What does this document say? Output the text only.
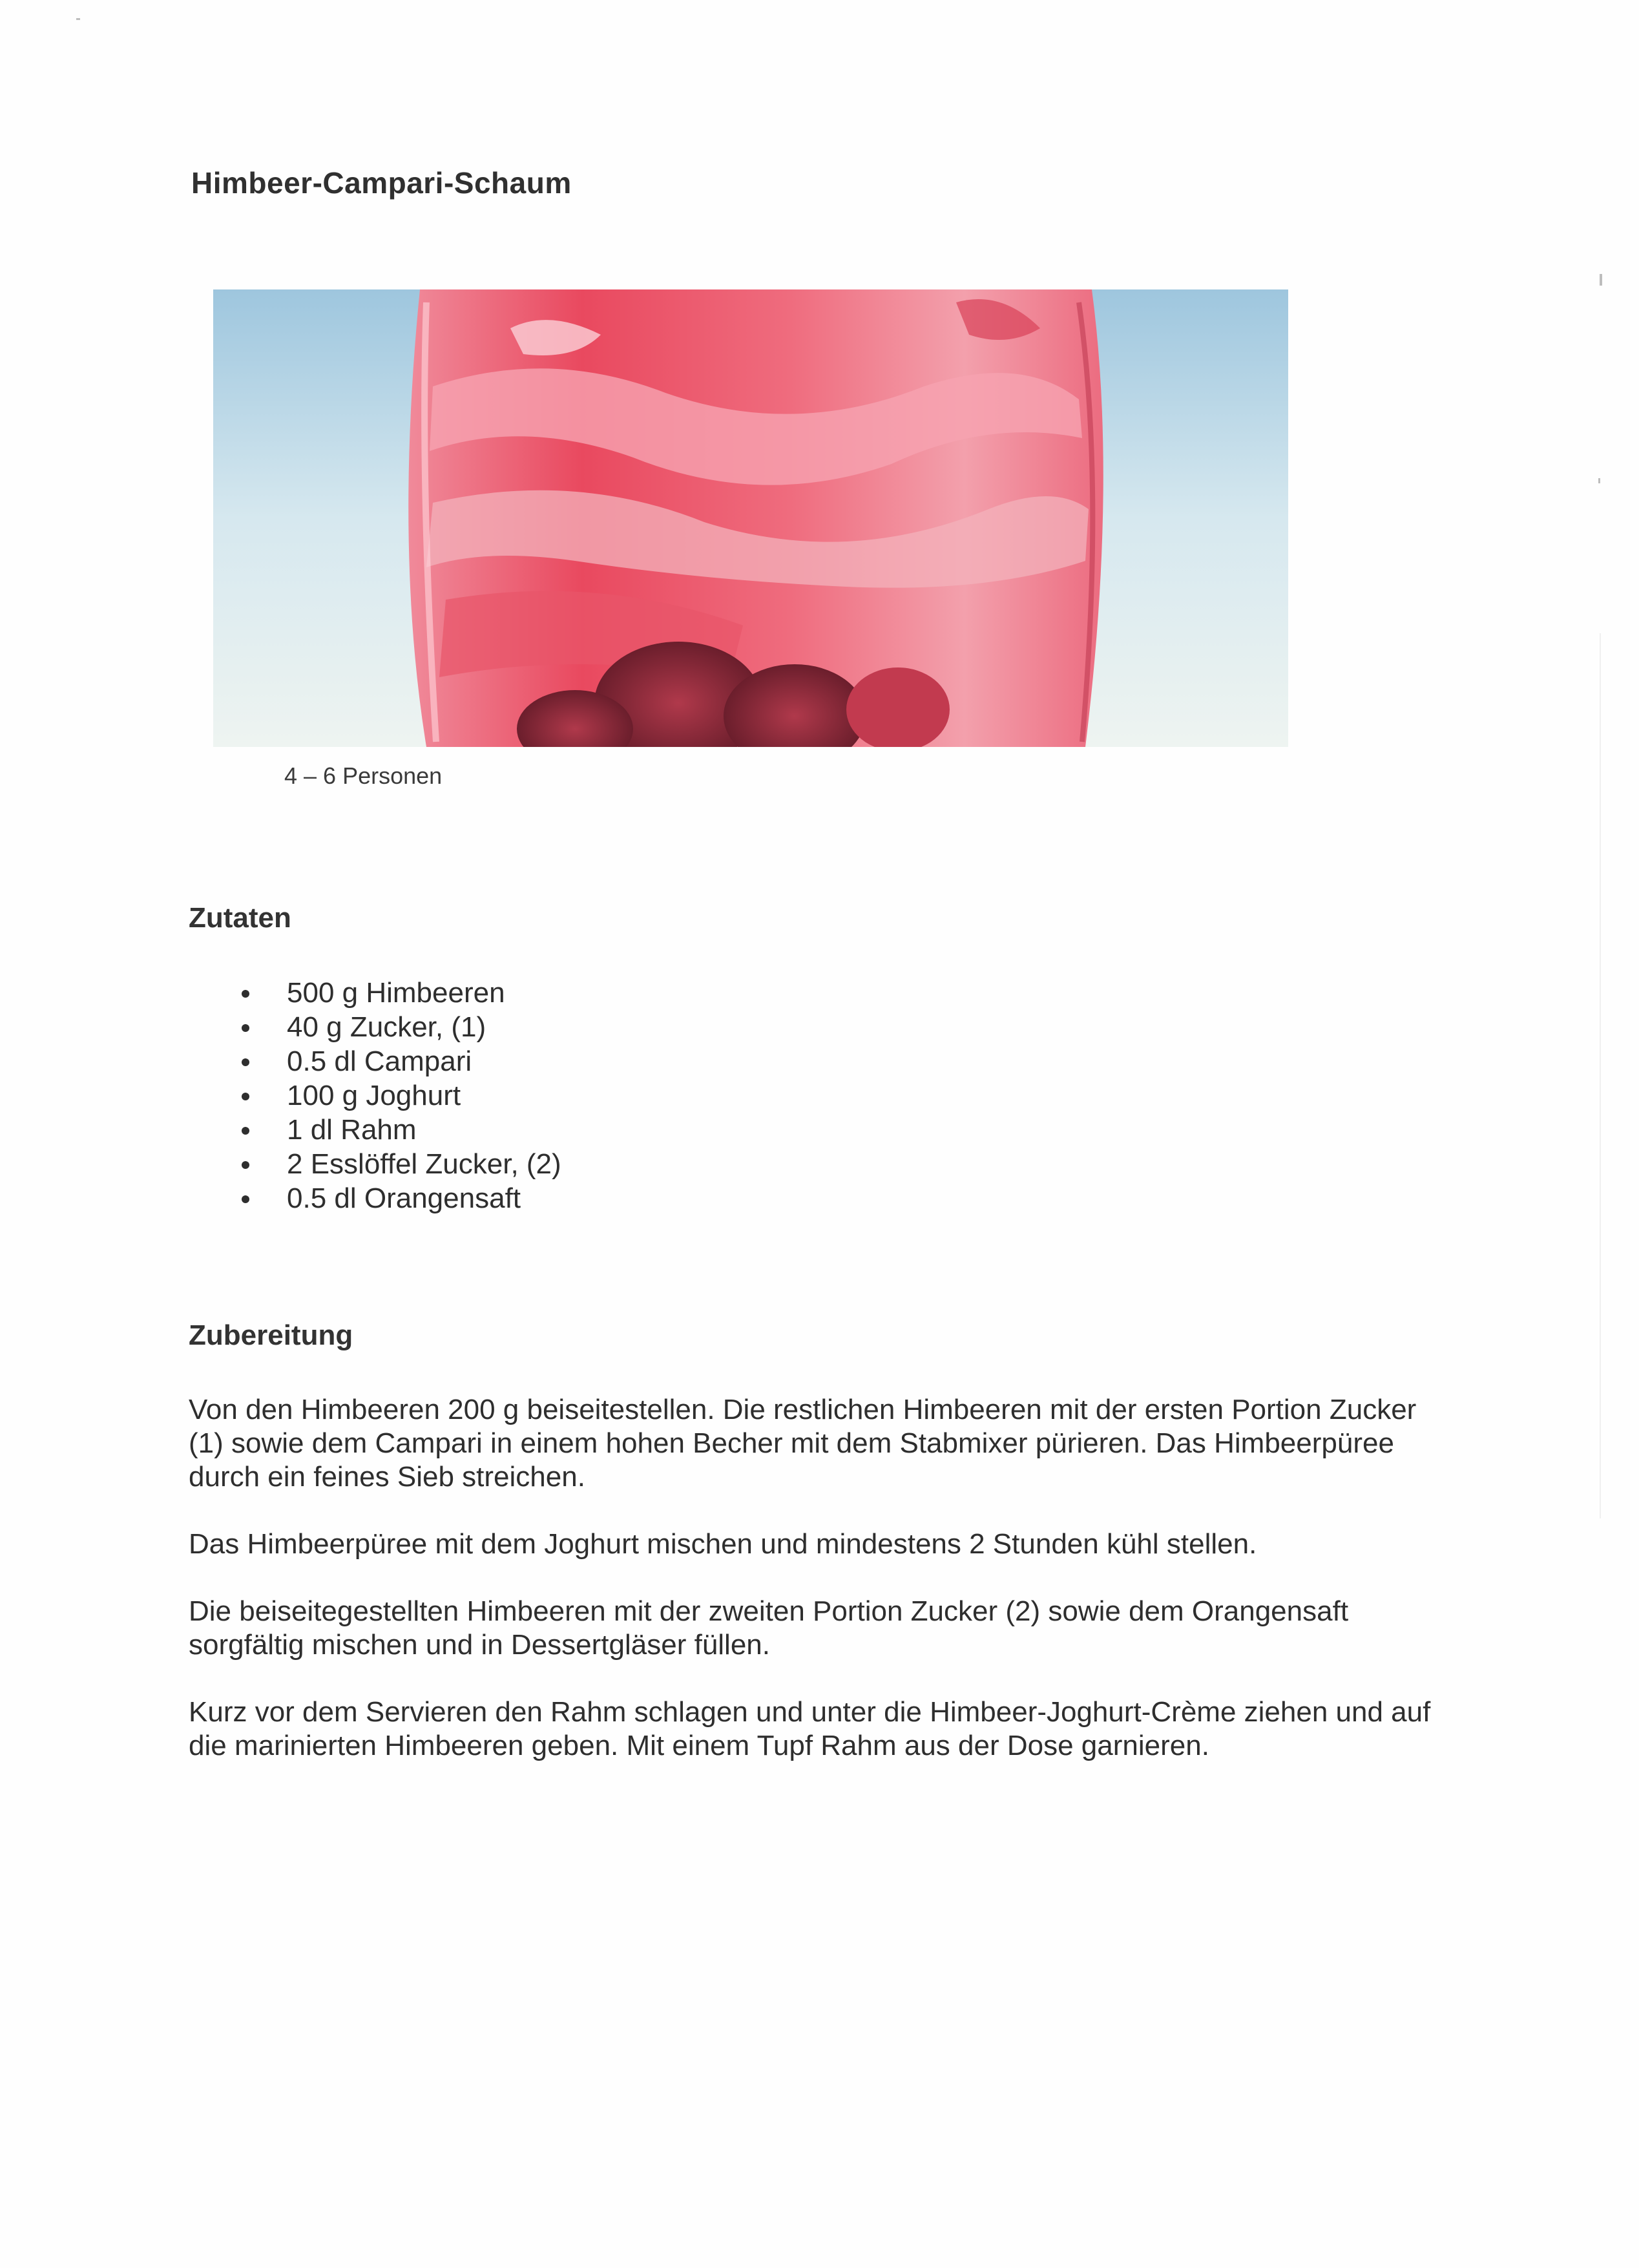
Himbeer-Campari-Schaum
4 – 6 Personen
Zutaten
500 g Himbeeren
40 g Zucker, (1)
0.5 dl Campari
100 g Joghurt
1 dl Rahm
2 Esslöffel Zucker, (2)
0.5 dl Orangensaft
Zubereitung

Von den Himbeeren 200 g beiseitestellen. Die restlichen Himbeeren mit der ersten Portion Zucker (1) sowie dem Campari in einem hohen Becher mit dem Stabmixer pürieren. Das Himbeerpüree durch ein feines Sieb streichen.

Das Himbeerpüree mit dem Joghurt mischen und mindestens 2 Stunden kühl stellen.

Die beiseitegestellten Himbeeren mit der zweiten Portion Zucker (2) sowie dem Orangensaft sorgfältig mischen und in Dessertgläser füllen.

Kurz vor dem Servieren den Rahm schlagen und unter die Himbeer-Joghurt-Crème ziehen und auf die marinierten Himbeeren geben. Mit einem Tupf Rahm aus der Dose garnieren.
